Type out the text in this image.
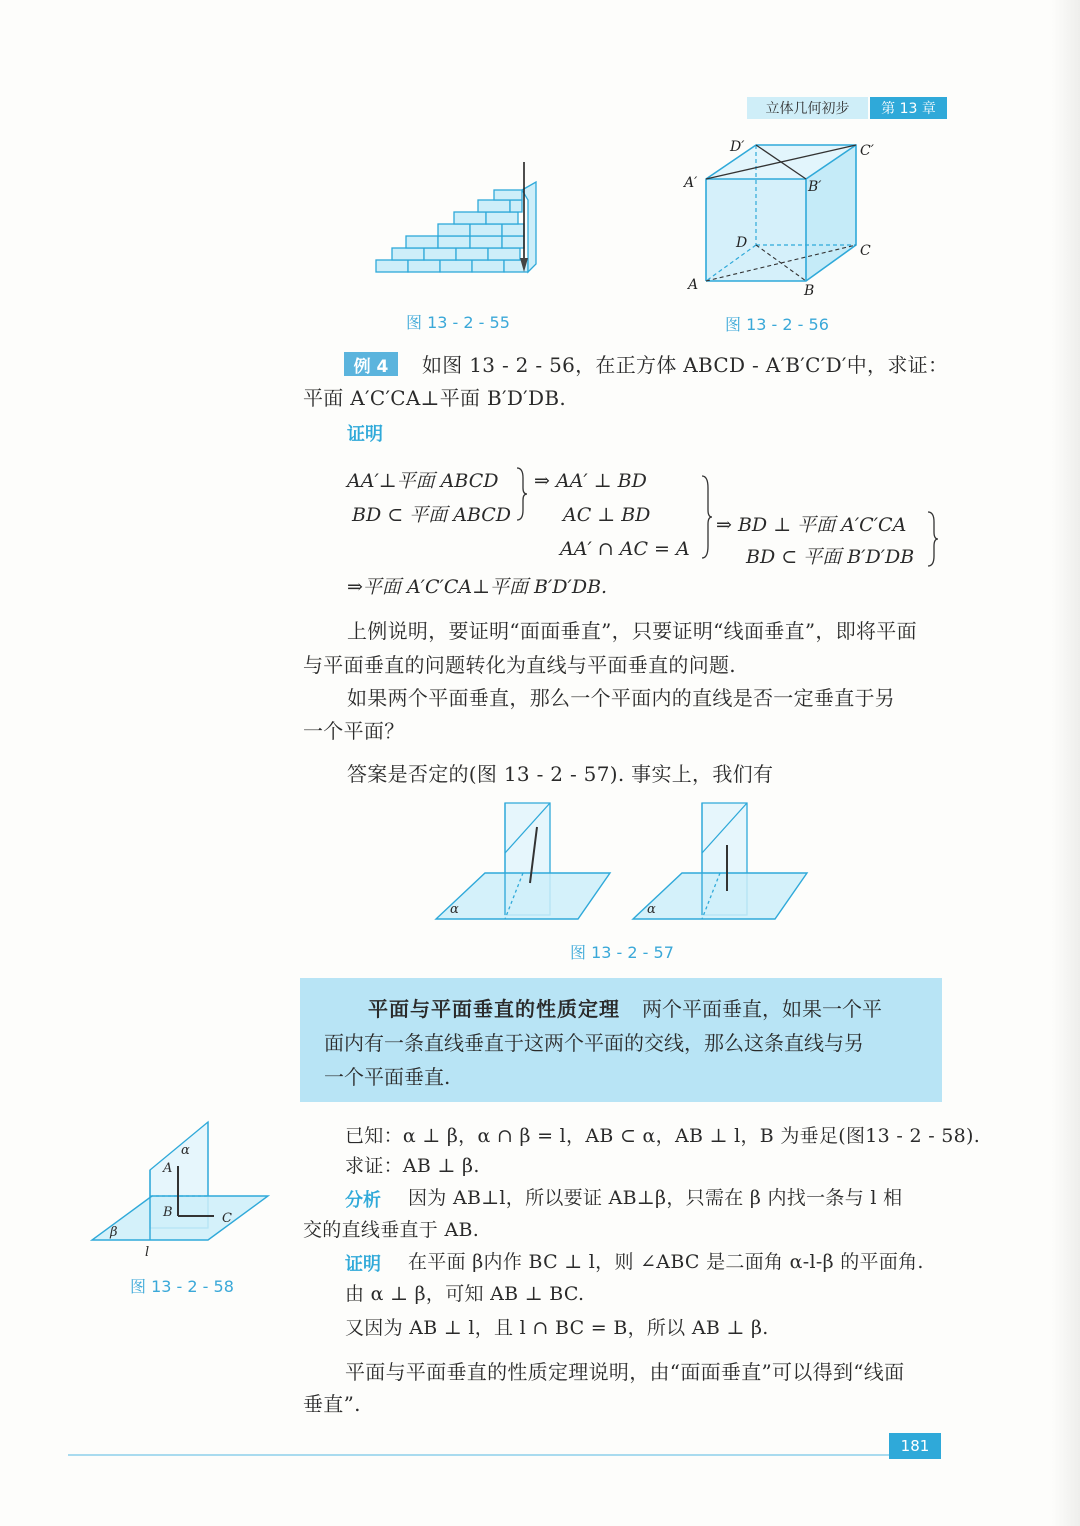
立体几何初步	第 13 章
图 13 - 2 - 55
D′	C′
A′	B′
D	C
A	B
图 13 - 2 - 56
例 4	如图 13 - 2 - 56，在正方体 ABCD - A′B′C′D′中，求证：
平面 A′C′CA⊥平面 B′D′DB.
证明
AA′⊥平面 ABCD
BD ⊂ 平面 ABCD
⇒ AA′ ⊥ BD
AC ⊥ BD
AA′ ∩ AC = A
⇒ BD ⊥ 平面 A′C′CA
BD ⊂ 平面 B′D′DB
⇒平面 A′C′CA⊥平面 B′D′DB.
上例说明，要证明“面面垂直”，只要证明“线面垂直”，即将平面
与平面垂直的问题转化为直线与平面垂直的问题.
如果两个平面垂直，那么一个平面内的直线是否一定垂直于另
一个平面？
答案是否定的(图 13 - 2 - 57). 事实上，我们有
α	α
图 13 - 2 - 57
平面与平面垂直的性质定理 两个平面垂直，如果一个平
面内有一条直线垂直于这两个平面的交线，那么这条直线与另
一个平面垂直.
α
A
B	C
β
l
图 13 - 2 - 58
已知：α ⊥ β，α ∩ β = l，AB ⊂ α，AB ⊥ l，B 为垂足(图13 - 2 - 58).
求证：AB ⊥ β.
分析 因为 AB⊥l，所以要证 AB⊥β，只需在 β 内找一条与 l 相
交的直线垂直于 AB.
证明 在平面 β内作 BC ⊥ l，则 ∠ABC 是二面角 α-l-β 的平面角.
由 α ⊥ β，可知 AB ⊥ BC.
又因为 AB ⊥ l，且 l ∩ BC = B，所以 AB ⊥ β.
平面与平面垂直的性质定理说明，由“面面垂直”可以得到“线面
垂直”.
181
